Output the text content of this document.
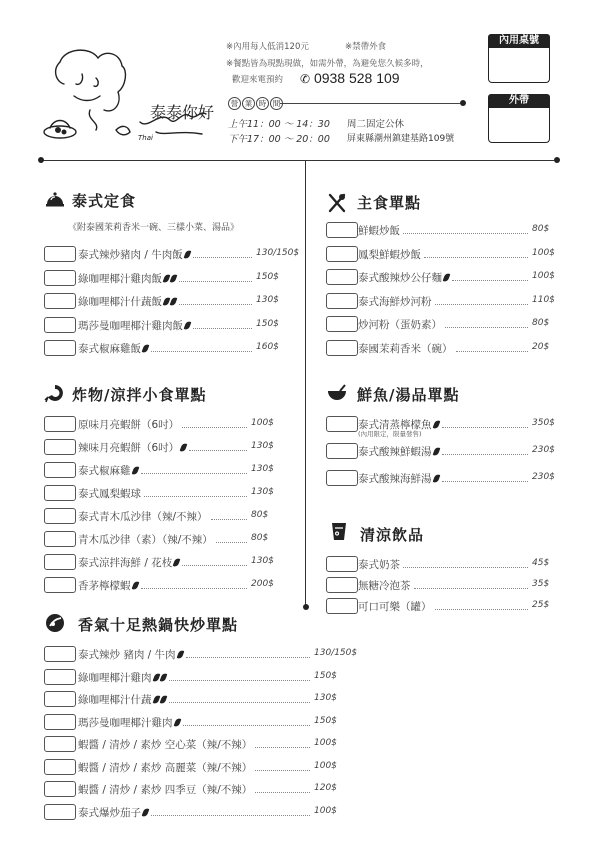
Thai
泰泰你好
※內用每人低消120元	※禁帶外食
※餐點皆為現點現做，如需外帶，為避免您久候多時，
歡迎來電預約 ✆ 0938 528 109
營 業 時 間
上午11：00 ～ 14：30
下午17：00 ～ 20：00
周二固定公休
屏東縣潮州鎮建基路109號
內用桌號
外帶
泰式定食
《附泰國茉莉香米一碗、三樣小菜、湯品》
炸物/涼拌小食單點
香氣十足熱鍋快炒單點
主食單點
鮮魚/湯品單點
清涼飲品
泰式辣炒豬肉 / 牛肉飯	130/150$
綠咖哩椰汁雞肉飯	150$
綠咖哩椰汁什蔬飯	130$
瑪莎曼咖哩椰汁雞肉飯	150$
泰式椒麻雞飯	160$
原味月亮蝦餅（6吋）	100$
辣味月亮蝦餅（6吋）	130$
泰式椒麻雞	130$
泰式鳳梨蝦球	130$
泰式青木瓜沙律（辣/不辣）	80$
青木瓜沙律（素）（辣/不辣）	80$
泰式涼拌海鮮 / 花枝	130$
香茅檸檬蝦	200$
泰式辣炒 豬肉 / 牛肉	130/150$
綠咖哩椰汁雞肉	150$
綠咖哩椰汁什蔬	130$
瑪莎曼咖哩椰汁雞肉	150$
蝦醬 / 清炒 / 素炒 空心菜（辣/不辣）	100$
蝦醬 / 清炒 / 素炒 高麗菜（辣/不辣）	100$
蝦醬 / 清炒 / 素炒 四季豆（辣/不辣）	120$
泰式爆炒茄子	100$
鮮蝦炒飯	80$
鳳梨鮮蝦炒飯	100$
泰式酸辣炒公仔麵	100$
泰式海鮮炒河粉	110$
炒河粉（蛋奶素）	80$
泰國茉莉香米（碗）	20$
(內用限定，限量發售)
泰式清蒸檸檬魚	350$
泰式酸辣鮮蝦湯	230$
泰式酸辣海鮮湯	230$
泰式奶茶	45$
無糖冷泡茶	35$
可口可樂（罐）	25$
